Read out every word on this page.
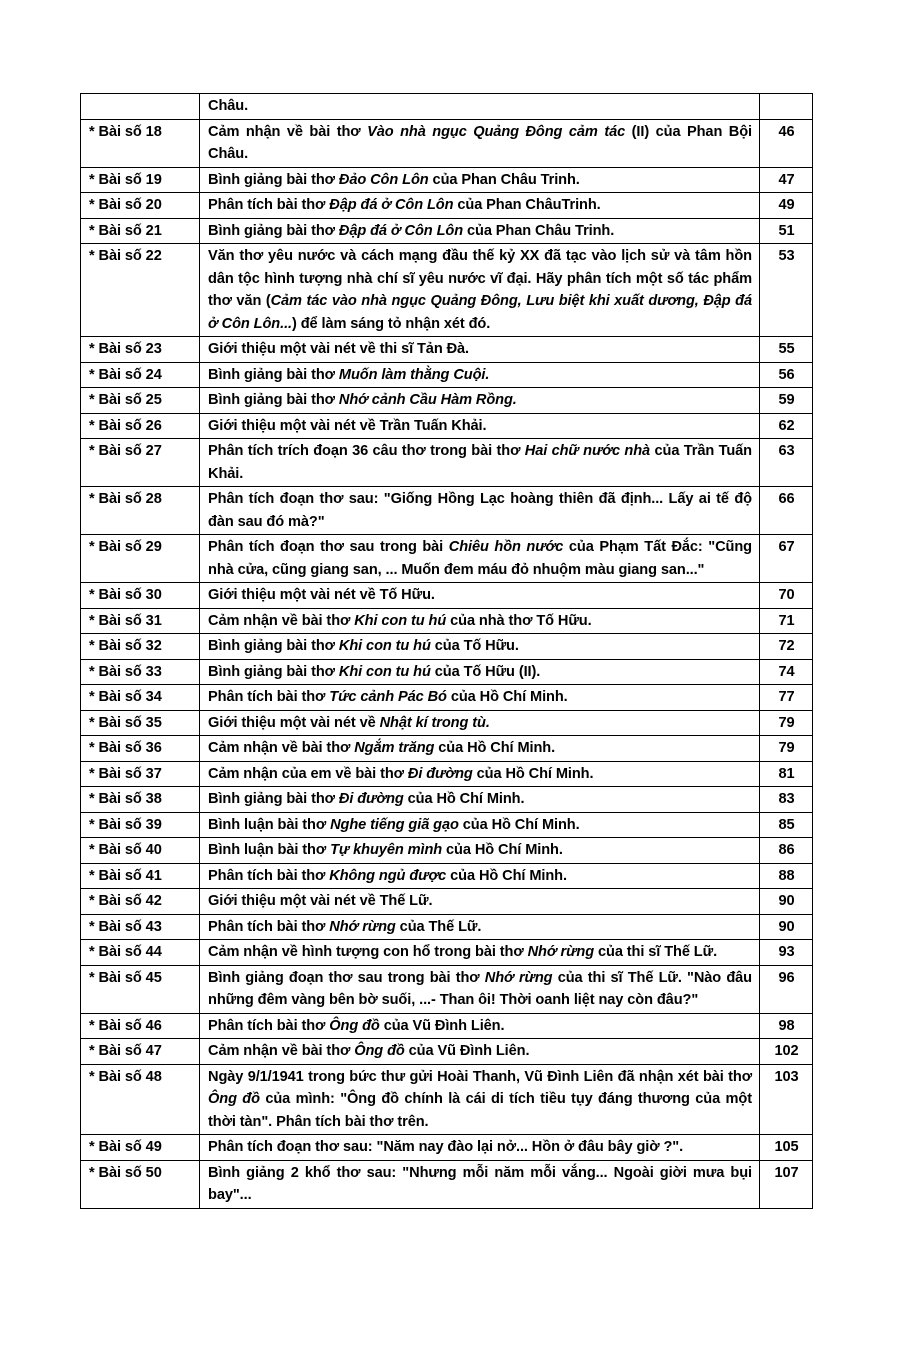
	Châu.	
* Bài số 18	Cảm nhận về bài thơ Vào nhà ngục Quảng Đông cảm tác (II) của Phan Bội Châu.	46
* Bài số 19	Bình giảng bài thơ Đảo Côn Lôn của Phan Châu Trinh.	47
* Bài số 20	Phân tích bài thơ Đập đá ở Côn Lôn của Phan ChâuTrinh.	49
* Bài số 21	Bình giảng bài thơ Đập đá ở Côn Lôn của Phan Châu Trinh.	51
* Bài số 22	Văn thơ yêu nước và cách mạng đầu thế kỷ XX đã tạc vào lịch sử và tâm hồn dân tộc hình tượng nhà chí sĩ yêu nước vĩ đại. Hãy phân tích một số tác phẩm thơ văn (Cảm tác vào nhà ngục Quảng Đông, Lưu biệt khi xuất dương, Đập đá ở Côn Lôn...) để làm sáng tỏ nhận xét đó.	53
* Bài số 23	Giới thiệu một vài nét về thi sĩ Tản Đà.	55
* Bài số 24	Bình giảng bài thơ Muốn làm thằng Cuội.	56
* Bài số 25	Bình giảng bài thơ Nhớ cảnh Cầu Hàm Rồng.	59
* Bài số 26	Giới thiệu một vài nét về Trần Tuấn Khải.	62
* Bài số 27	Phân tích trích đoạn 36 câu thơ trong bài thơ Hai chữ nước nhà của Trần Tuấn Khải.	63
* Bài số 28	Phân tích đoạn thơ sau: "Giống Hồng Lạc hoàng thiên đã định... Lấy ai tế độ đàn sau đó mà?"	66
* Bài số 29	Phân tích đoạn thơ sau trong bài Chiêu hồn nước của Phạm Tất Đắc: "Cũng nhà cửa, cũng giang san, ... Muốn đem máu đỏ nhuộm màu giang san..."	67
* Bài số 30	Giới thiệu một vài nét về Tố Hữu.	70
* Bài số 31	Cảm nhận về bài thơ Khi con tu hú của nhà thơ Tố Hữu.	71
* Bài số 32	Bình giảng bài thơ Khi con tu hú của Tố Hữu.	72
* Bài số 33	Bình giảng bài thơ Khi con tu hú của Tố Hữu (II).	74
* Bài số 34	Phân tích bài thơ Tức cảnh Pác Bó của Hồ Chí Minh.	77
* Bài số 35	Giới thiệu một vài nét về Nhật kí trong tù.	79
* Bài số 36	Cảm nhận về bài thơ Ngắm trăng của Hồ Chí Minh.	79
* Bài số 37	Cảm nhận của em về bài thơ Đi đường của Hồ Chí Minh.	81
* Bài số 38	Bình giảng bài thơ Đi đường của Hồ Chí Minh.	83
* Bài số 39	Bình luận bài thơ Nghe tiếng giã gạo của Hồ Chí Minh.	85
* Bài số 40	Bình luận bài thơ Tự khuyên mình của Hồ Chí Minh.	86
* Bài số 41	Phân tích bài thơ Không ngủ được của Hồ Chí Minh.	88
* Bài số 42	Giới thiệu một vài nét về Thế Lữ.	90
* Bài số 43	Phân tích bài thơ Nhớ rừng của Thế Lữ.	90
* Bài số 44	Cảm nhận về hình tượng con hổ trong bài thơ Nhớ rừng của thi sĩ Thế Lữ.	93
* Bài số 45	Bình giảng đoạn thơ sau trong bài thơ Nhớ rừng của thi sĩ Thế Lữ. "Nào đâu những đêm vàng bên bờ suối, ...- Than ôi! Thời oanh liệt nay còn đâu?"	96
* Bài số 46	Phân tích bài thơ Ông đồ của Vũ Đình Liên.	98
* Bài số 47	Cảm nhận về bài thơ Ông đồ của Vũ Đình Liên.	102
* Bài số 48	Ngày 9/1/1941 trong bức thư gửi Hoài Thanh, Vũ Đình Liên đã nhận xét bài thơ Ông đồ của mình: "Ông đồ chính là cái di tích tiều tụy đáng thương của một thời tàn". Phân tích bài thơ trên.	103
* Bài số 49	Phân tích đoạn thơ sau: "Năm nay đào lại nở... Hồn ở đâu bây giờ ?".	105
* Bài số 50	Bình giảng 2 khổ thơ sau: "Nhưng mỗi năm mỗi vắng... Ngoài giời mưa bụi bay"...	107
